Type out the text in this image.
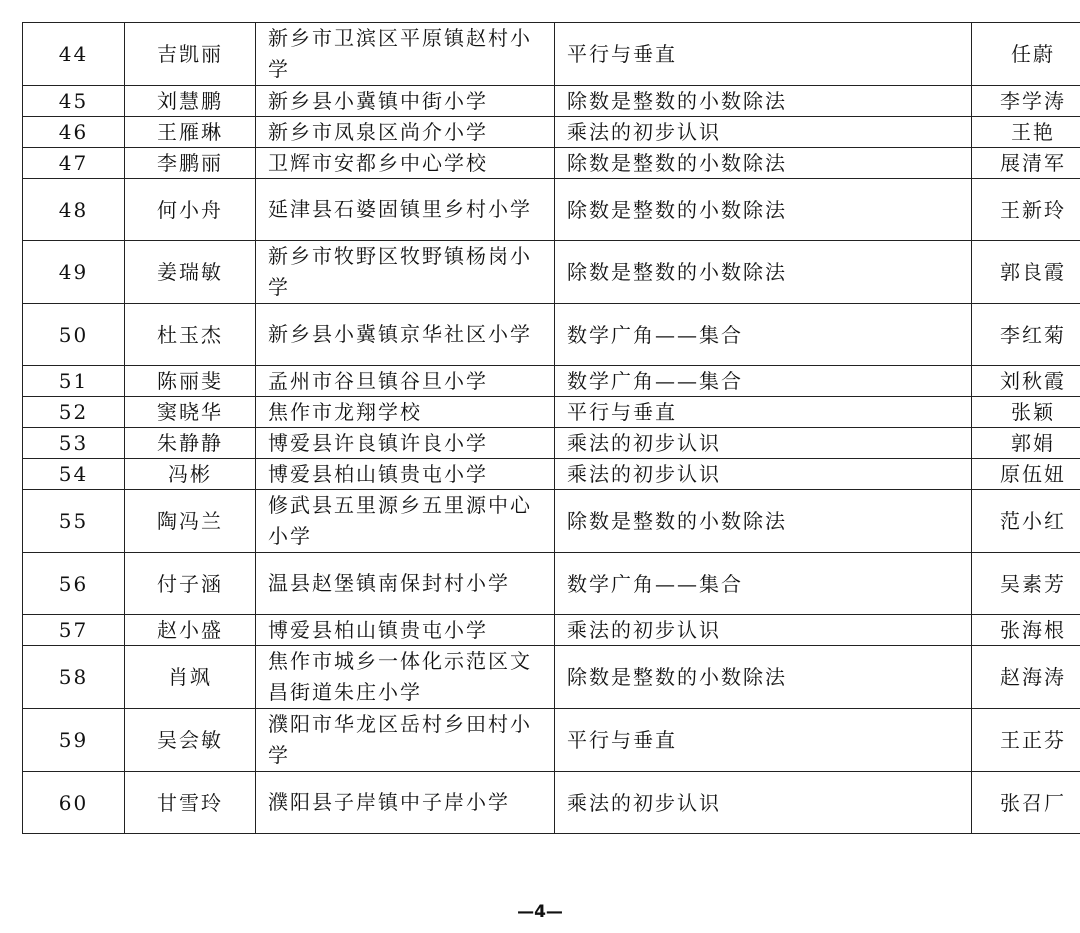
44	吉凯丽	新乡市卫滨区平原镇赵村小学	平行与垂直	任蔚
45	刘慧鹏	新乡县小冀镇中街小学	除数是整数的小数除法	李学涛
46	王雁琳	新乡市凤泉区尚介小学	乘法的初步认识	王艳
47	李鹏丽	卫辉市安都乡中心学校	除数是整数的小数除法	展清军
48	何小舟	延津县石婆固镇里乡村小学	除数是整数的小数除法	王新玲
49	姜瑞敏	新乡市牧野区牧野镇杨岗小学	除数是整数的小数除法	郭良霞
50	杜玉杰	新乡县小冀镇京华社区小学	数学广角——集合	李红菊
51	陈丽斐	孟州市谷旦镇谷旦小学	数学广角——集合	刘秋霞
52	窦晓华	焦作市龙翔学校	平行与垂直	张颖
53	朱静静	博爱县许良镇许良小学	乘法的初步认识	郭娟
54	冯彬	博爱县柏山镇贵屯小学	乘法的初步认识	原伍妞
55	陶冯兰	修武县五里源乡五里源中心小学	除数是整数的小数除法	范小红
56	付子涵	温县赵堡镇南保封村小学	数学广角——集合	吴素芳
57	赵小盛	博爱县柏山镇贵屯小学	乘法的初步认识	张海根
58	肖飒	焦作市城乡一体化示范区文昌街道朱庄小学	除数是整数的小数除法	赵海涛
59	吴会敏	濮阳市华龙区岳村乡田村小学	平行与垂直	王正芬
60	甘雪玲	濮阳县子岸镇中子岸小学	乘法的初步认识	张召厂
—4—
